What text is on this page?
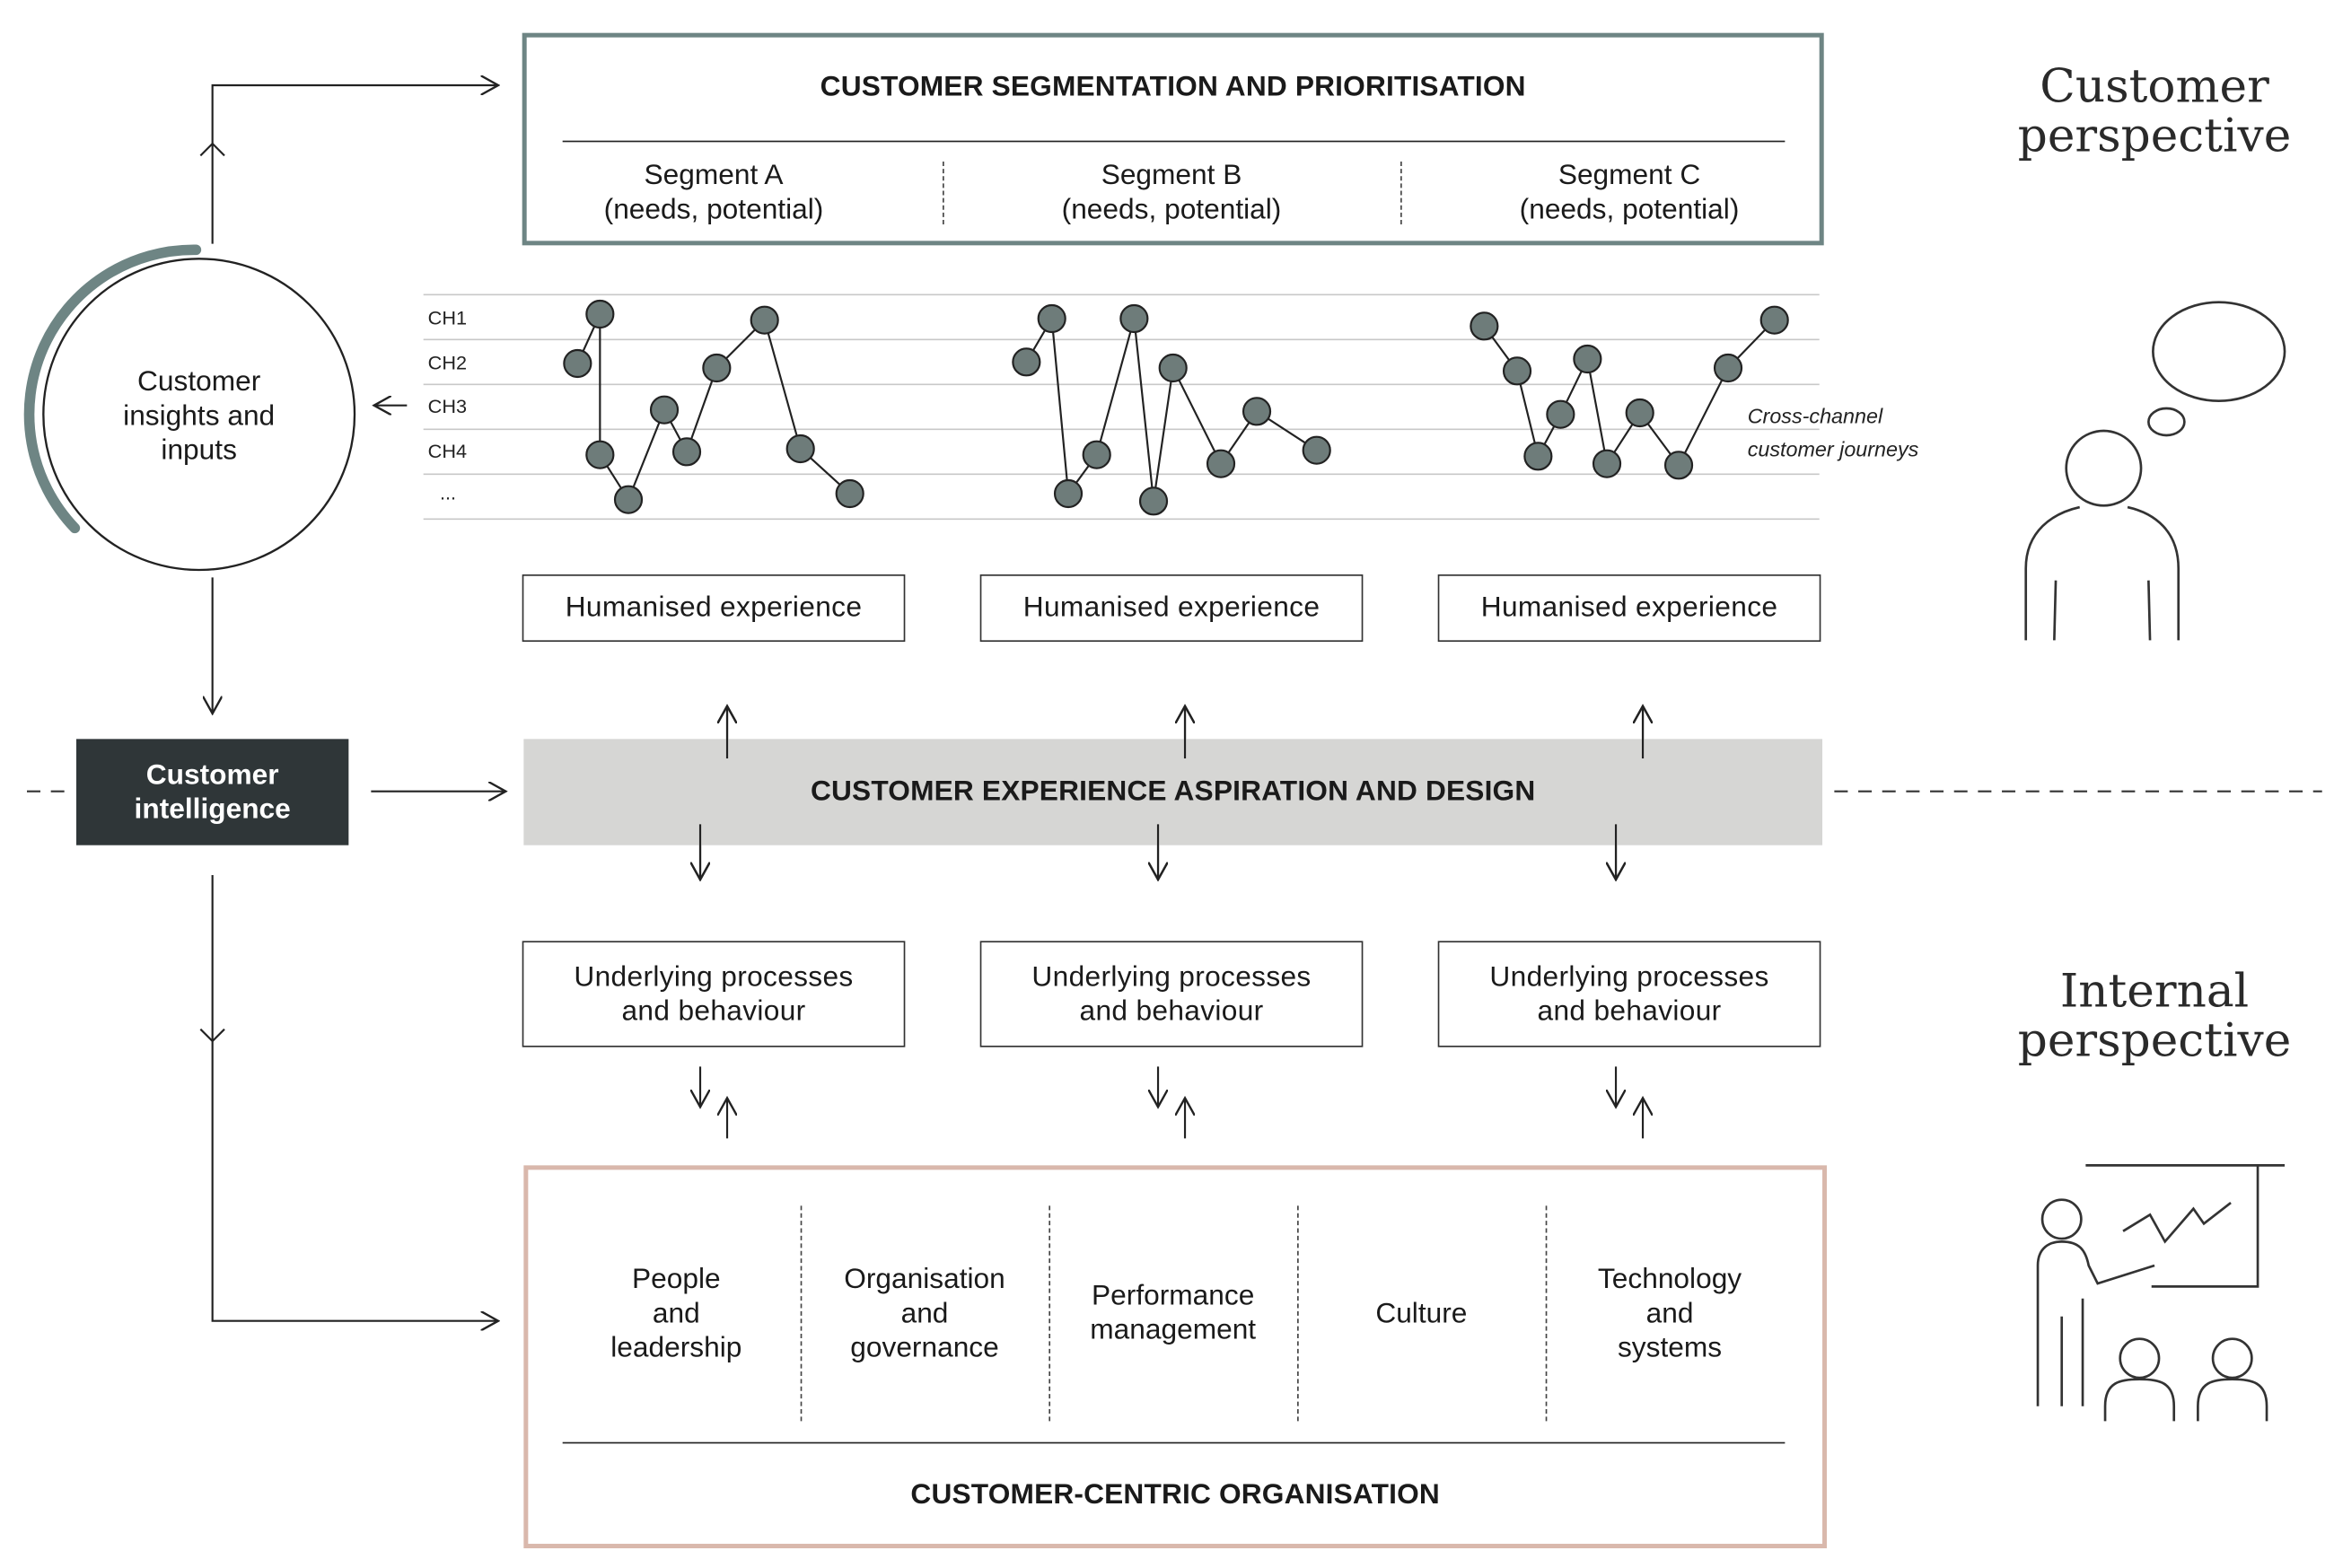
CUSTOMER SEGMENTATION AND PRIORITISATION
Segment A
(needs, potential)
Segment B
(needs, potential)
Segment C
(needs, potential)
CH1
CH2
CH3
CH4
...
Cross-channel
customer journeys
Humanised experience	Humanised experience	Humanised experience
CUSTOMER EXPERIENCE ASPIRATION AND DESIGN
Underlying processes
and behaviour
Underlying processes
and behaviour
Underlying processes
and behaviour
People
and
leadership
Organisation
and
governance
Performance
management
Culture
Technology
and
systems
CUSTOMER-CENTRIC ORGANISATION
Customer
insights and
inputs
Customer
intelligence
Customer
perspective
Internal
perspective
